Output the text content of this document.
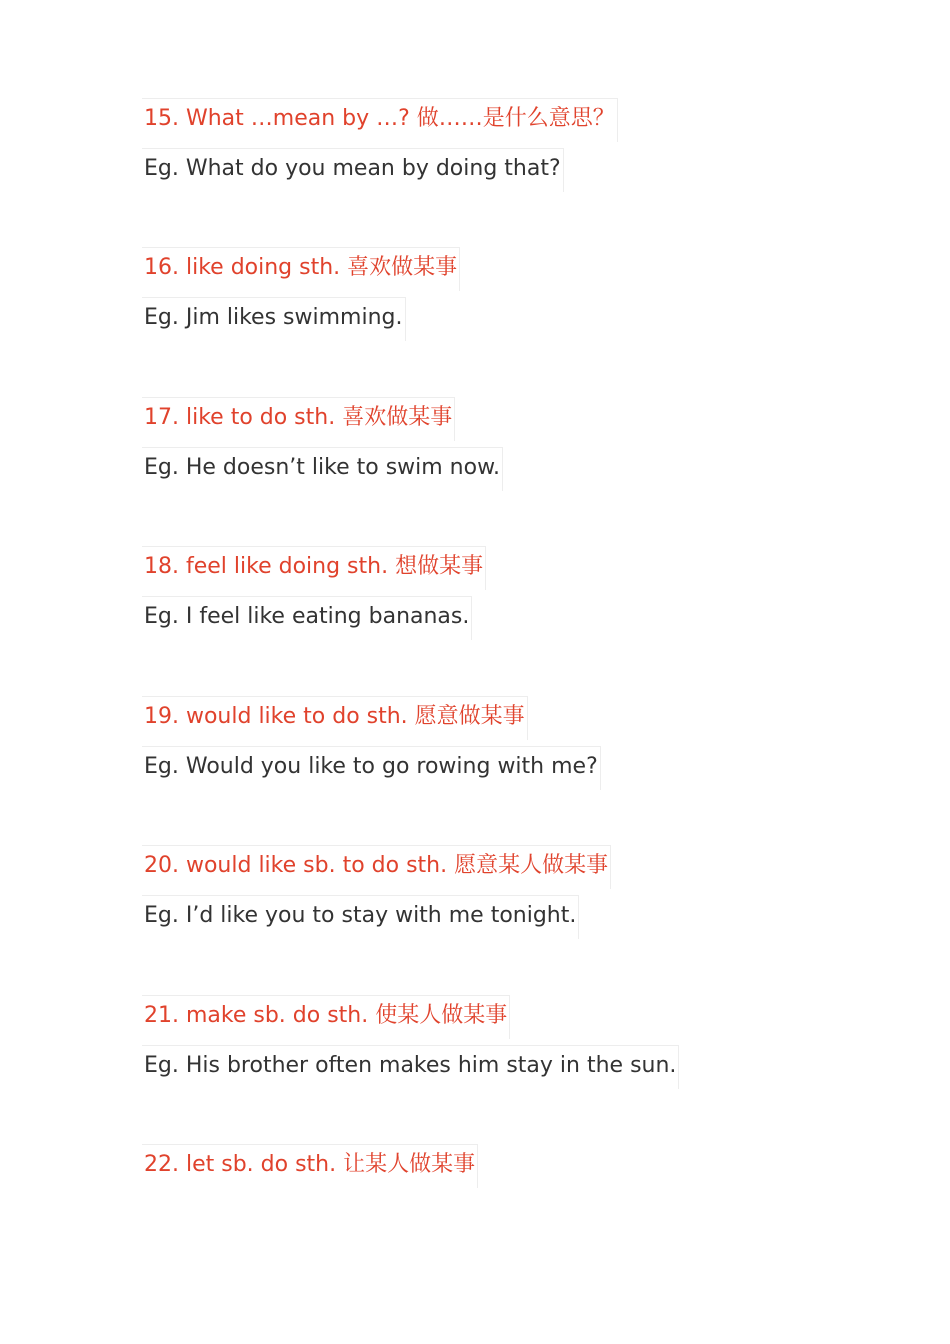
15. What …mean by …? 做……是什么意思？
Eg. What do you mean by doing that?
16. like doing sth. 喜欢做某事
Eg. Jim likes swimming.
17. like to do sth. 喜欢做某事
Eg. He doesn’t like to swim now.
18. feel like doing sth. 想做某事
Eg. I feel like eating bananas.
19. would like to do sth. 愿意做某事
Eg. Would you like to go rowing with me?
20. would like sb. to do sth. 愿意某人做某事
Eg. I’d like you to stay with me tonight.
21. make sb. do sth. 使某人做某事
Eg. His brother often makes him stay in the sun.
22. let sb. do sth. 让某人做某事
